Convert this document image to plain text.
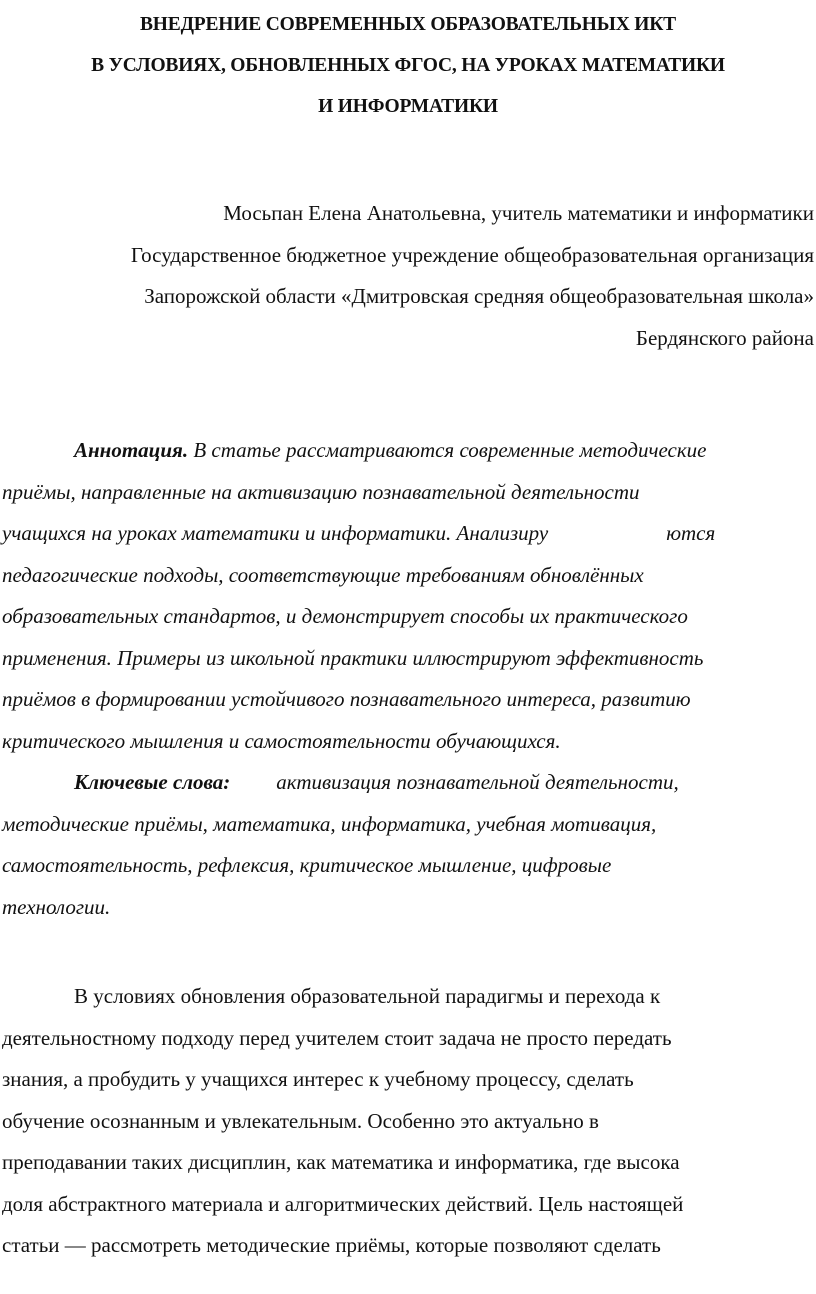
ВНЕДРЕНИЕ СОВРЕМЕННЫХ ОБРАЗОВАТЕЛЬНЫХ ИКТ
В УСЛОВИЯХ, ОБНОВЛЕННЫХ ФГОС, НА УРОКАХ МАТЕМАТИКИ
И ИНФОРМАТИКИ
Мосьпан Елена Анатольевна, учитель математики и информатики
Государственное бюджетное учреждение общеобразовательная организация
Запорожской области «Дмитровская средняя общеобразовательная школа»
Бердянского района
Аннотация. В статье рассматриваются современные методические
приёмы, направленные на активизацию познавательной деятельности
учащихся на уроках математики и информатики. Анализиру	ются
педагогические подходы, соответствующие требованиям обновлённых
образовательных стандартов, и демонстрирует способы их практического
применения. Примеры из школьной практики иллюстрируют эффективность
приёмов в формировании устойчивого познавательного интереса, развитию
критического мышления и самостоятельности обучающихся.
Ключевые слова: активизация познавательной деятельности,
методические приёмы, математика, информатика, учебная мотивация,
самостоятельность, рефлексия, критическое мышление, цифровые
технологии.
В условиях обновления образовательной парадигмы и перехода к
деятельностному подходу перед учителем стоит задача не просто передать
знания, а пробудить у учащихся интерес к учебному процессу, сделать
обучение осознанным и увлекательным. Особенно это актуально в
преподавании таких дисциплин, как математика и информатика, где высока
доля абстрактного материала и алгоритмических действий. Цель настоящей
статьи — рассмотреть методические приёмы, которые позволяют сделать
